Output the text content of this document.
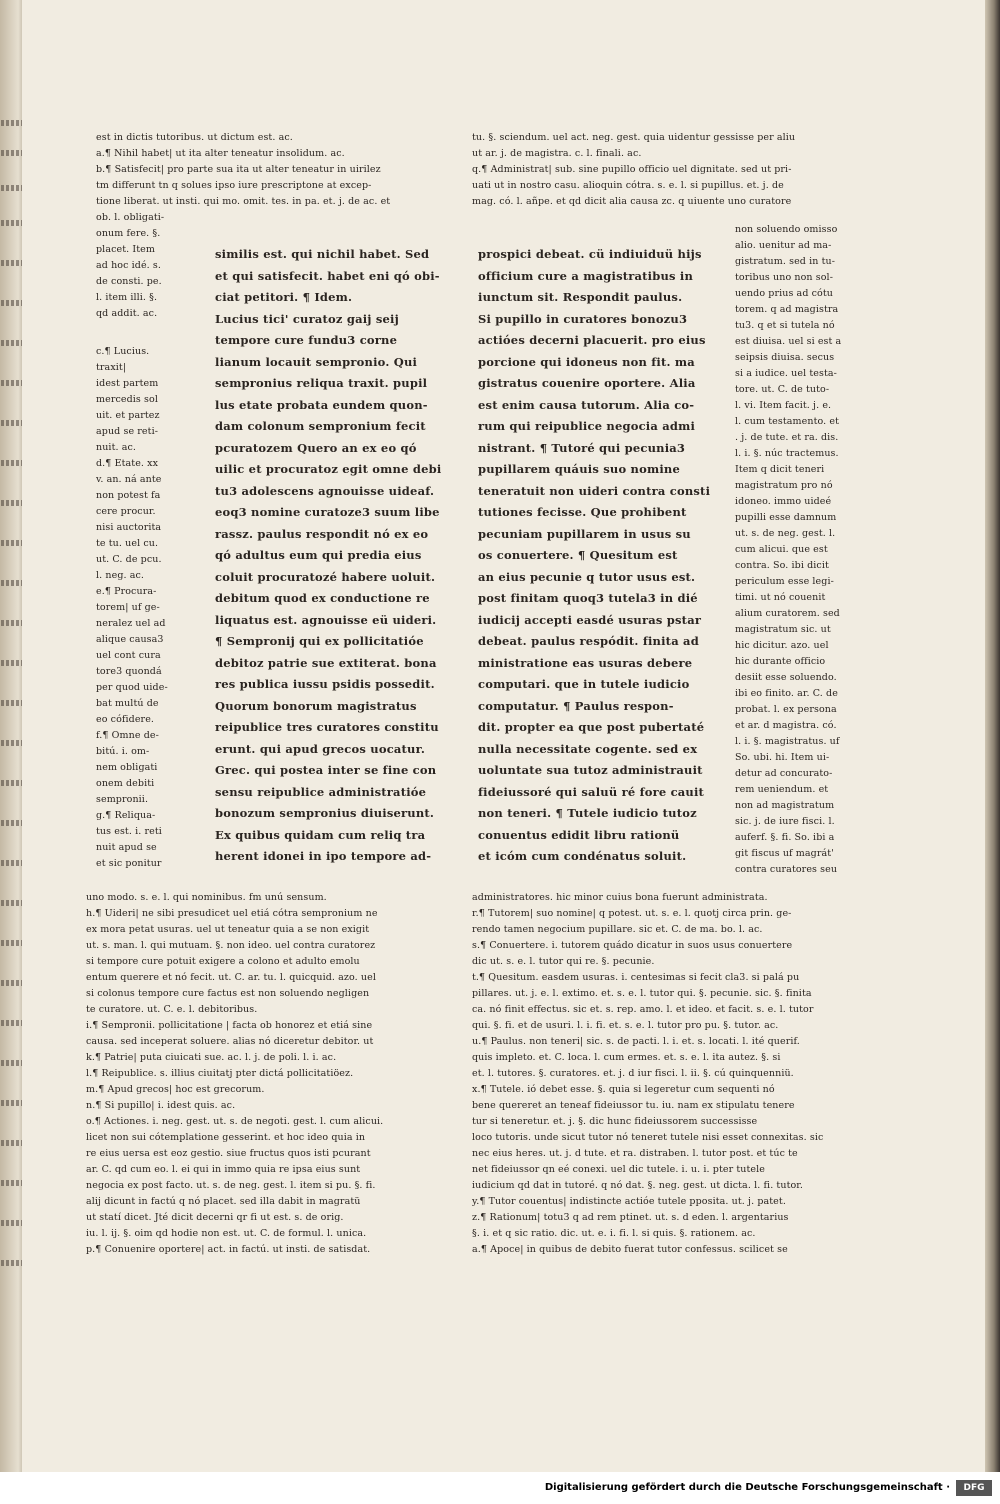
est in dictis tutoribus. ut dictum est. ac.
a.¶ Nihil habet| ut ita alter teneatur insolidum. ac.
b.¶ Satisfecit| pro parte sua ita ut alter teneatur in uirilez
tm differunt tn q solues ipso iure prescriptone at excep-
tione liberat. ut insti. qui mo. omit. tes. in pa. et. j. de ac. et
ob. l. obligati-
onum fere. §.
placet. Item
ad hoc idé. s.
de consti. pe.
l. item illi. §.
qd addit. ac.
tu. §. sciendum. uel act. neg. gest. quia uidentur gessisse per aliu
ut ar. j. de magistra. c. l. finali. ac.
q.¶ Administrat| sub. sine pupillo officio uel dignitate. sed ut pri-
uati ut in nostro casu. alioquin cótra. s. e. l. si pupillus. et. j. de
mag. có. l. añpe. et qd dicit alia causa zc. q uiuente uno curatore
c.¶ Lucius.
traxit|
idest partem
mercedis sol
uit. et partez
apud se reti-
nuit. ac.
d.¶ Etate. xx
v. an. ná ante
non potest fa
cere procur.
nisi auctorita
te tu. uel cu.
ut. C. de pcu.
l. neg. ac.
e.¶ Procura-
torem| uf ge-
neralez uel ad
alique causa3
uel cont cura
tore3 quondá
per quod uide-
bat multú de
eo cófidere.
f.¶ Omne de-
bitú. i. om-
nem obligati
onem debiti
sempronii.
g.¶ Reliqua-
tus est. i. reti
nuit apud se
et sic ponitur
similis est. qui nichil habet. Sed
et qui satisfecit. habet eni qó obi-
ciat petitori. ¶ Idem.
Lucius tici' curatoz gaij seij
tempore cure fundu3 corne
lianum locauit sempronio. Qui
sempronius reliqua traxit. pupil
lus etate probata eundem quon-
dam colonum sempronium fecit
pcuratozem Quero an ex eo qó
uilic et procuratoz egit omne debi
tu3 adolescens agnouisse uideaf.
eoq3 nomine curatoze3 suum libe
rassz. paulus respondit nó ex eo
qó adultus eum qui predia eius
coluit procuratozé habere uoluit.
debitum quod ex conductione re
liquatus est. agnouisse eü uideri.
¶ Sempronij qui ex pollicitatióe
debitoz patrie sue extiterat. bona
res publica iussu psidis possedit.
Quorum bonorum magistratus
reipublice tres curatores constitu
erunt. qui apud grecos uocatur.
Grec. qui postea inter se fine con
sensu reipublice administratióe
bonozum sempronius diuiserunt.
Ex quibus quidam cum reliq tra
herent idonei in ipo tempore ad-

prospici debeat. cü indiuiduü hijs
officium cure a magistratibus in
iunctum sit. Respondit paulus.
Si pupillo in curatores bonozu3
actióes decerni placuerit. pro eius
porcione qui idoneus non fit. ma
gistratus couenire oportere. Alia
est enim causa tutorum. Alia co-
rum qui reipublice negocia admi
nistrant. ¶ Tutoré qui pecunia3
pupillarem quáuis suo nomine
teneratuit non uideri contra consti
tutiones fecisse. Que prohibent
pecuniam pupillarem in usus su
os conuertere. ¶ Quesitum est
an eius pecunie q tutor usus est.
post finitam quoq3 tutela3 in dié
iudicij accepti easdé usuras pstar
debeat. paulus respódit. finita ad
ministratione eas usuras debere
computari. que in tutele iudicio
computatur. ¶ Paulus respon-
dit. propter ea que post pubertaté
nulla necessitate cogente. sed ex
uoluntate sua tutoz administrauit
fideiussoré qui saluü ré fore cauit
non teneri. ¶ Tutele iudicio tutoz
conuentus edidit libru rationü
et icóm cum condénatus soluit.

non soluendo omisso
alio. uenitur ad ma-
gistratum. sed in tu-
toribus uno non sol-
uendo prius ad cótu
torem. q ad magistra
tu3. q et si tutela nó
est diuisa. uel si est a
seipsis diuisa. secus
si a iudice. uel testa-
tore. ut. C. de tuto-
l. vi. Item facit. j. e.
l. cum testamento. et
. j. de tute. et ra. dis.
l. i. §. núc tractemus.
Item q dicit teneri
magistratum pro nó
idoneo. immo uideé
pupilli esse damnum
ut. s. de neg. gest. l.
cum alicui. que est
contra. So. ibi dicit
periculum esse legi-
timi. ut nó couenit
alium curatorem. sed
magistratum sic. ut
hic dicitur. azo. uel
hic durante officio
desiit esse soluendo.
ibi eo finito. ar. C. de
probat. l. ex persona
et ar. d magistra. có.
l. i. §. magistratus. uf
So. ubi. hi. Item ui-
detur ad concurato-
rem ueniendum. et
non ad magistratum
sic. j. de iure fisci. l.
auferf. §. fi. So. ibi a
git fiscus uf magrát'
contra curatores seu
uno modo. s. e. l. qui nominibus. fm unú sensum.
h.¶ Uideri| ne sibi presudicet uel etiá cótra sempronium ne
ex mora petat usuras. uel ut teneatur quia a se non exigit
ut. s. man. l. qui mutuam. §. non ideo. uel contra curatorez
si tempore cure potuit exigere a colono et adulto emolu
entum querere et nó fecit. ut. C. ar. tu. l. quicquid. azo. uel
si colonus tempore cure factus est non soluendo negligen
te curatore. ut. C. e. l. debitoribus.
i.¶ Sempronii. pollicitatione | facta ob honorez et etiá sine
causa. sed inceperat soluere. alias nó diceretur debitor. ut
k.¶ Patrie| puta ciuicati sue. ac. l. j. de poli. l. i. ac.
l.¶ Reipublice. s. illius ciuitatj pter dictá pollicitatiöez.
m.¶ Apud grecos| hoc est grecorum.
n.¶ Si pupillo| i. idest quis. ac.
o.¶ Actiones. i. neg. gest. ut. s. de negoti. gest. l. cum alicui.
licet non sui cótemplatione gesserint. et hoc ideo quia in
re eius uersa est eoz gestio. siue fructus quos isti pcurant
ar. C. qd cum eo. l. ei qui in immo quia re ipsa eius sunt
negocia ex post facto. ut. s. de neg. gest. l. item si pu. §. fi.
alij dicunt in factú q nó placet. sed illa dabit in magratü
ut statí dicet. Jté dicit decerni qr fi ut est. s. de orig.
iu. l. ij. §. oim qd hodie non est. ut. C. de formul. l. unica.
p.¶ Conuenire oportere| act. in factú. ut insti. de satisdat.
administratores. hic minor cuius bona fuerunt administrata.
r.¶ Tutorem| suo nomine| q potest. ut. s. e. l. quotj circa prin. ge-
rendo tamen negocium pupillare. sic et. C. de ma. bo. l. ac.
s.¶ Conuertere. i. tutorem quádo dicatur in suos usus conuertere
dic ut. s. e. l. tutor qui re. §. pecunie.
t.¶ Quesitum. easdem usuras. i. centesimas si fecit cla3. si palá pu
pillares. ut. j. e. l. extimo. et. s. e. l. tutor qui. §. pecunie. sic. §. finita
ca. nó finit effectus. sic et. s. rep. amo. l. et ideo. et facit. s. e. l. tutor
qui. §. fi. et de usuri. l. i. fi. et. s. e. l. tutor pro pu. §. tutor. ac.
u.¶ Paulus. non teneri| sic. s. de pacti. l. i. et. s. locati. l. ité querif.
quis impleto. et. C. loca. l. cum ermes. et. s. e. l. ita autez. §. si
et. l. tutores. §. curatores. et. j. d iur fisci. l. ii. §. cú quinquenniü.
x.¶ Tutele. ió debet esse. §. quia si legeretur cum sequenti nó
bene quereret an teneaf fideiussor tu. iu. nam ex stipulatu tenere
tur si teneretur. et. j. §. dic hunc fideiussorem successisse
loco tutoris. unde sicut tutor nó teneret tutele nisi esset connexitas. sic
nec eius heres. ut. j. d tute. et ra. distraben. l. tutor post. et túc te
net fideiussor qn eé conexi. uel dic tutele. i. u. i. pter tutele
iudicium qd dat in tutoré. q nó dat. §. neg. gest. ut dicta. l. fi. tutor.
y.¶ Tutor couentus| indistincte actióe tutele pposita. ut. j. patet.
z.¶ Rationum| totu3 q ad rem ptinet. ut. s. d eden. l. argentarius
§. i. et q sic ratio. dic. ut. e. i. fi. l. si quis. §. rationem. ac.
a.¶ Apoce| in quibus de debito fuerat tutor confessus. scilicet se
Digitalisierung gefördert durch die Deutsche Forschungsgemeinschaft ·	DFG
